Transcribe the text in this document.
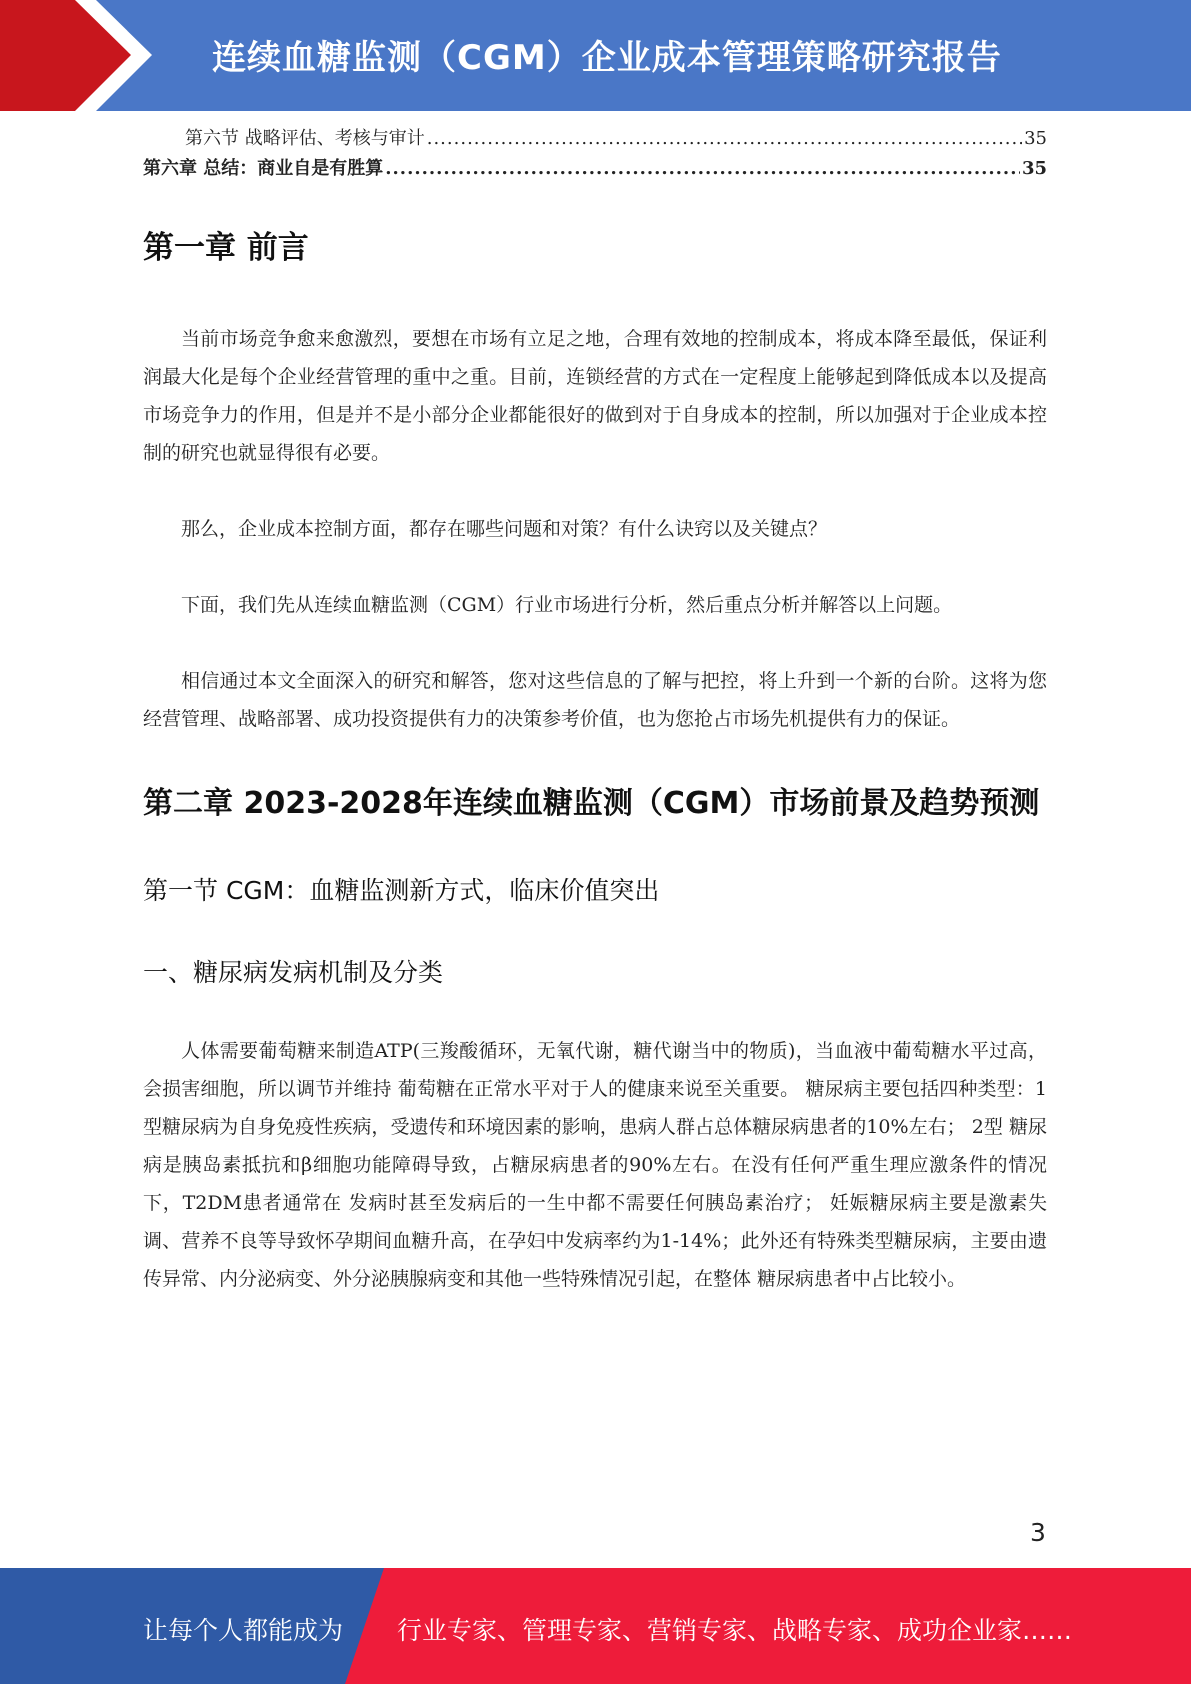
连续血糖监测（CGM）企业成本管理策略研究报告
第六节 战略评估、考核与审计 .....	35
第六章 总结：商业自是有胜算 .....	35
第一章 前言

当前市场竞争愈来愈激烈，要想在市场有立足之地，合理有效地的控制成本，将成本降至最低，保证利润最大化是每个企业经营管理的重中之重。目前，连锁经营的方式在一定程度上能够起到降低成本以及提高市场竞争力的作用，但是并不是小部分企业都能很好的做到对于自身成本的控制，所以加强对于企业成本控制的研究也就显得很有必要。

那么，企业成本控制方面，都存在哪些问题和对策？有什么诀窍以及关键点？

下面，我们先从连续血糖监测（CGM）行业市场进行分析，然后重点分析并解答以上问题。

相信通过本文全面深入的研究和解答，您对这些信息的了解与把控，将上升到一个新的台阶。这将为您经营管理、战略部署、成功投资提供有力的决策参考价值，也为您抢占市场先机提供有力的保证。

第二章 2023-2028年连续血糖监测（CGM）市场前景及趋势预测
第一节 CGM：血糖监测新方式，临床价值突出
一、糖尿病发病机制及分类

人体需要葡萄糖来制造ATP(三羧酸循环，无氧代谢，糖代谢当中的物质)，当血液中葡萄糖水平过高，会损害细胞，所以调节并维持 葡萄糖在正常水平对于人的健康来说至关重要。 糖尿病主要包括四种类型：1型糖尿病为自身免疫性疾病，受遗传和环境因素的影响，患病人群占总体糖尿病患者的10%左右； 2型 糖尿病是胰岛素抵抗和β细胞功能障碍导致，占糖尿病患者的90%左右。在没有任何严重生理应激条件的情况下，T2DM患者通常在 发病时甚至发病后的一生中都不需要任何胰岛素治疗； 妊娠糖尿病主要是激素失调、营养不良等导致怀孕期间血糖升高，在孕妇中发病率约为1-14%；此外还有特殊类型糖尿病，主要由遗传异常、内分泌病变、外分泌胰腺病变和其他一些特殊情况引起，在整体 糖尿病患者中占比较小。

3
让每个人都能成为 行业专家、管理专家、营销专家、战略专家、成功企业家……
